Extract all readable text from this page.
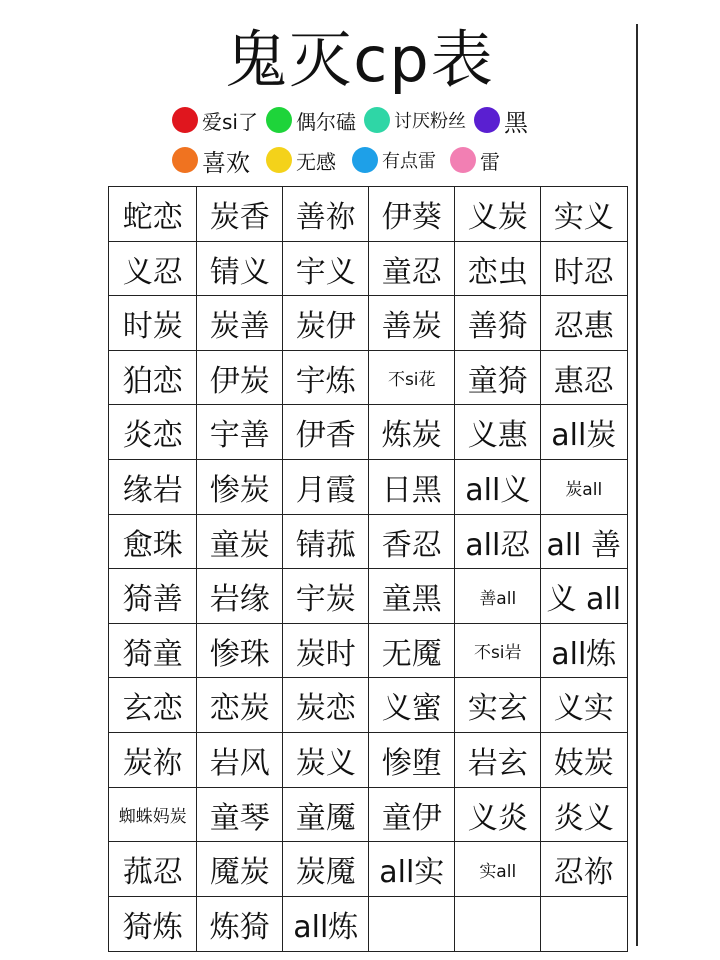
鬼灭cp表
爱si了 偶尔磕 讨厌粉丝 黑
喜欢 无感	有点雷 雷
蛇恋 炭香 善祢 伊葵 义炭 实义
义忍 锖义 宇义 童忍 恋虫 时忍
时炭 炭善 炭伊 善炭 善猗 忍惠
狛恋 伊炭 宇炼	不si花	童猗 惠忍
炎恋 宇善 伊香 炼炭 义惠 all炭
缘岩 惨炭 月霞 日黑 all义	炭all
愈珠 童炭 锖菰 香忍 all忍 all 善
猗善 岩缘 宇炭 童黑	善all	义 all
猗童 惨珠 炭时 无魇	不si岩 all炼
玄恋 恋炭 炭恋 义蜜 实玄 义实
炭祢 岩风 炭义 惨堕 岩玄 妓炭
蜘蛛妈炭 童琴 童魇 童伊 义炎 炎义
菰忍 魇炭 炭魇 all实	实all	忍祢
猗炼 炼猗 all炼
